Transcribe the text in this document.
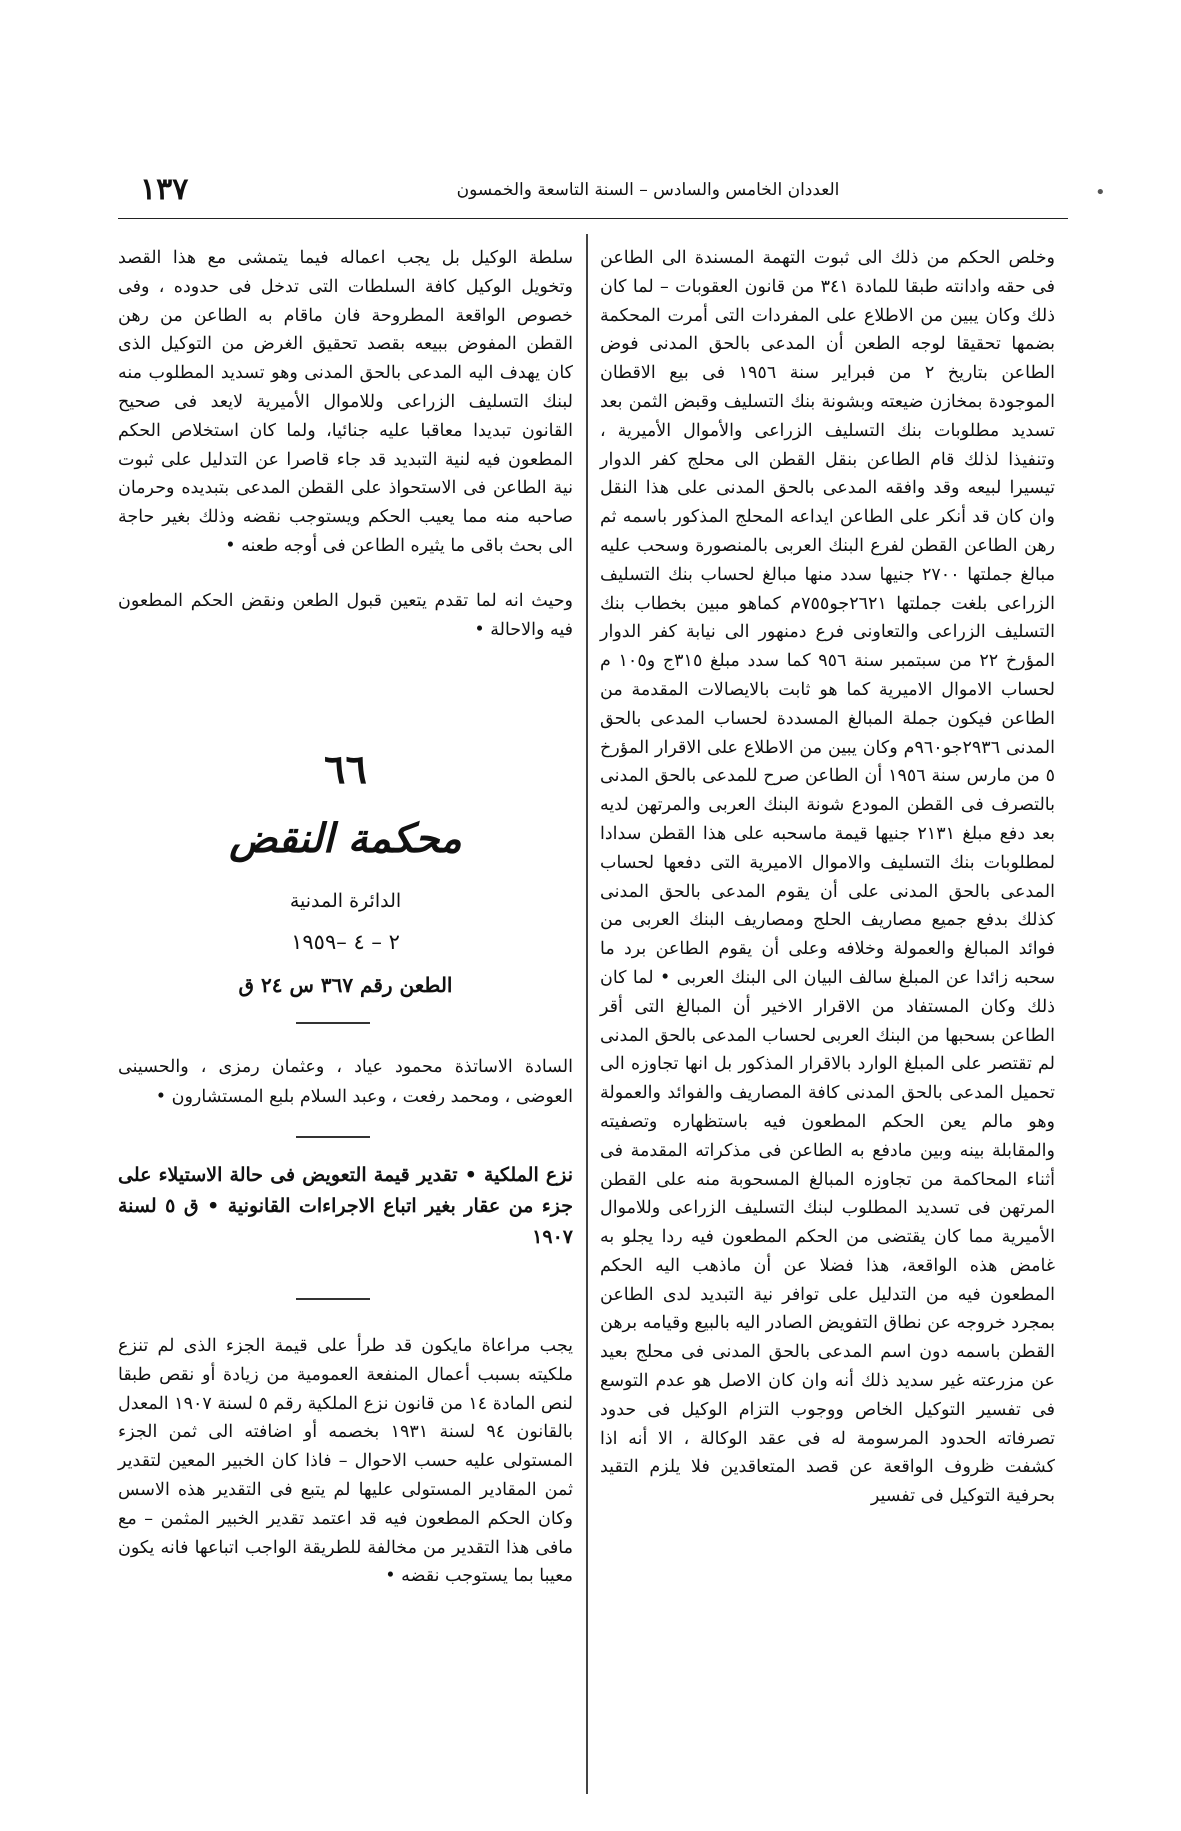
١٣٧	العددان الخامس والسادس – السنة التاسعة والخمسون	•

وخلص الحكم من ذلك الى ثبوت التهمة المسندة الى الطاعن فى حقه وادانته طبقا للمادة ٣٤١ من قانون العقوبات – لما كان ذلك وكان يبين من الاطلاع على المفردات التى أمرت المحكمة بضمها تحقيقا لوجه الطعن أن المدعى بالحق المدنى فوض الطاعن بتاريخ ٢ من فبراير سنة ١٩٥٦ فى بيع الاقطان الموجودة بمخازن ضيعته وبشونة بنك التسليف وقبض الثمن بعد تسديد مطلوبات بنك التسليف الزراعى والأموال الأميرية ، وتنفيذا لذلك قام الطاعن بنقل القطن الى محلج كفر الدوار تيسيرا لبيعه وقد وافقه المدعى بالحق المدنى على هذا النقل وان كان قد أنكر على الطاعن ايداعه المحلج المذكور باسمه ثم رهن الطاعن القطن لفرع البنك العربى بالمنصورة وسحب عليه مبالغ جملتها ٢٧٠٠ جنيها سدد منها مبالغ لحساب بنك التسليف الزراعى بلغت جملتها ٢٦٢١جو٧٥٥م كماهو مبين بخطاب بنك التسليف الزراعى والتعاونى فرع دمنهور الى نيابة كفر الدوار المؤرخ ٢٢ من سبتمبر سنة ٩٥٦ كما سدد مبلغ ٣١٥ج و١٠٥ م لحساب الاموال الاميرية كما هو ثابت بالايصالات المقدمة من الطاعن فيكون جملة المبالغ المسددة لحساب المدعى بالحق المدنى ٢٩٣٦جو٩٦٠م وكان يبين من الاطلاع على الاقرار المؤرخ ٥ من مارس سنة ١٩٥٦ أن الطاعن صرح للمدعى بالحق المدنى بالتصرف فى القطن المودع شونة البنك العربى والمرتهن لديه بعد دفع مبلغ ٢١٣١ جنيها قيمة ماسحبه على هذا القطن سدادا لمطلوبات بنك التسليف والاموال الاميرية التى دفعها لحساب المدعى بالحق المدنى على أن يقوم المدعى بالحق المدنى كذلك بدفع جميع مصاريف الحلج ومصاريف البنك العربى من فوائد المبالغ والعمولة وخلافه وعلى أن يقوم الطاعن برد ما سحبه زائدا عن المبلغ سالف البيان الى البنك العربى • لما كان ذلك وكان المستفاد من الاقرار الاخير أن المبالغ التى أقر الطاعن بسحبها من البنك العربى لحساب المدعى بالحق المدنى لم تقتصر على المبلغ الوارد بالاقرار المذكور بل انها تجاوزه الى تحميل المدعى بالحق المدنى كافة المصاريف والفوائد والعمولة وهو مالم يعن الحكم المطعون فيه باستظهاره وتصفيته والمقابلة بينه وبين مادفع به الطاعن فى مذكراته المقدمة فى أثناء المحاكمة من تجاوزه المبالغ المسحوبة منه على القطن المرتهن فى تسديد المطلوب لبنك التسليف الزراعى وللاموال الأميرية مما كان يقتضى من الحكم المطعون فيه ردا يجلو به غامض هذه الواقعة، هذا فضلا عن أن ماذهب اليه الحكم المطعون فيه من التدليل على توافر نية التبديد لدى الطاعن بمجرد خروجه عن نطاق التفويض الصادر اليه بالبيع وقيامه برهن القطن باسمه دون اسم المدعى بالحق المدنى فى محلج بعيد عن مزرعته غير سديد ذلك أنه وان كان الاصل هو عدم التوسع فى تفسير التوكيل الخاص ووجوب التزام الوكيل فى حدود تصرفاته الحدود المرسومة له فى عقد الوكالة ، الا أنه اذا كشفت ظروف الواقعة عن قصد المتعاقدين فلا يلزم التقيد بحرفية التوكيل فى تفسير

سلطة الوكيل بل يجب اعماله فيما يتمشى مع هذا القصد وتخويل الوكيل كافة السلطات التى تدخل فى حدوده ، وفى خصوص الواقعة المطروحة فان ماقام به الطاعن من رهن القطن المفوض ببيعه بقصد تحقيق الغرض من التوكيل الذى كان يهدف اليه المدعى بالحق المدنى وهو تسديد المطلوب منه لبنك التسليف الزراعى وللاموال الأميرية لايعد فى صحيح القانون تبديدا معاقبا عليه جنائيا، ولما كان استخلاص الحكم المطعون فيه لنية التبديد قد جاء قاصرا عن التدليل على ثبوت نية الطاعن فى الاستحواذ على القطن المدعى بتبديده وحرمان صاحبه منه مما يعيب الحكم ويستوجب نقضه وذلك بغير حاجة الى بحث باقى ما يثيره الطاعن فى أوجه طعنه •

وحيث انه لما تقدم يتعين قبول الطعن ونقض الحكم المطعون فيه والاحالة •

٦٦
محكمة النقض
الدائرة المدنية
٢ – ٤ –١٩٥٩
الطعن رقم ٣٦٧ س ٢٤ ق
السادة الاساتذة محمود عياد ، وعثمان رمزى ، والحسينى العوضى ، ومحمد رفعت ، وعبد السلام بلبع المستشارون •
نزع الملكية • تقدير قيمة التعويض فى حالة الاستيلاء على جزء من عقار بغير اتباع الاجراءات القانونية • ق ٥ لسنة ١٩٠٧
يجب مراعاة مايكون قد طرأ على قيمة الجزء الذى لم تنزع ملكيته بسبب أعمال المنفعة العمومية من زيادة أو نقص طبقا لنص المادة ١٤ من قانون نزع الملكية رقم ٥ لسنة ١٩٠٧ المعدل بالقانون ٩٤ لسنة ١٩٣١ بخصمه أو اضافته الى ثمن الجزء المستولى عليه حسب الاحوال – فاذا كان الخبير المعين لتقدير ثمن المقادير المستولى عليها لم يتبع فى التقدير هذه الاسس وكان الحكم المطعون فيه قد اعتمد تقدير الخبير المثمن – مع مافى هذا التقدير من مخالفة للطريقة الواجب اتباعها فانه يكون معيبا بما يستوجب نقضه •
